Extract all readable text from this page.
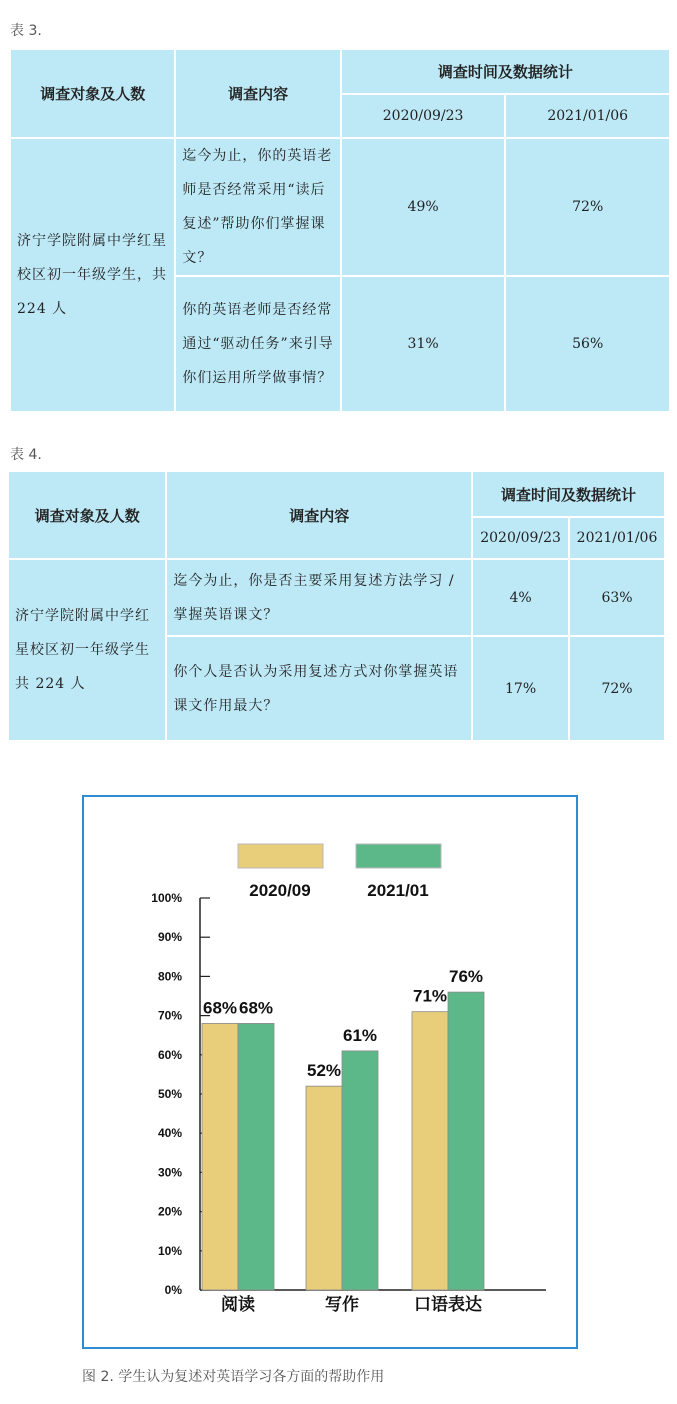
表 3.
调查对象及人数	调查内容	调查时间及数据统计	
		2020/09/23	2021/01/06
济宁学院附属中学红星校区初一年级学生，共 224 人	迄今为止，你的英语老师是否经常采用“读后复述”帮助你们掌握课文？	49%	72%
	你的英语老师是否经常通过“驱动任务”来引导你们运用所学做事情？	31%	56%
表 4.
调查对象及人数	调查内容	调查时间及数据统计	
		2020/09/23	2021/01/06
济宁学院附属中学红星校区初一年级学生共 224 人	迄今为止，你是否主要采用复述方法学习 / 掌握英语课文？	4%	63%
	你个人是否认为采用复述方式对你掌握英语课文作用最大？	17%	72%
2020/09	2021/01
0%
10%
20%
30%
40%
50%
60%
70%
80%
90%
100%
68% 68%
阅读
52%
61%
写作
71%
76%
口语表达
图 2. 学生认为复述对英语学习各方面的帮助作用
